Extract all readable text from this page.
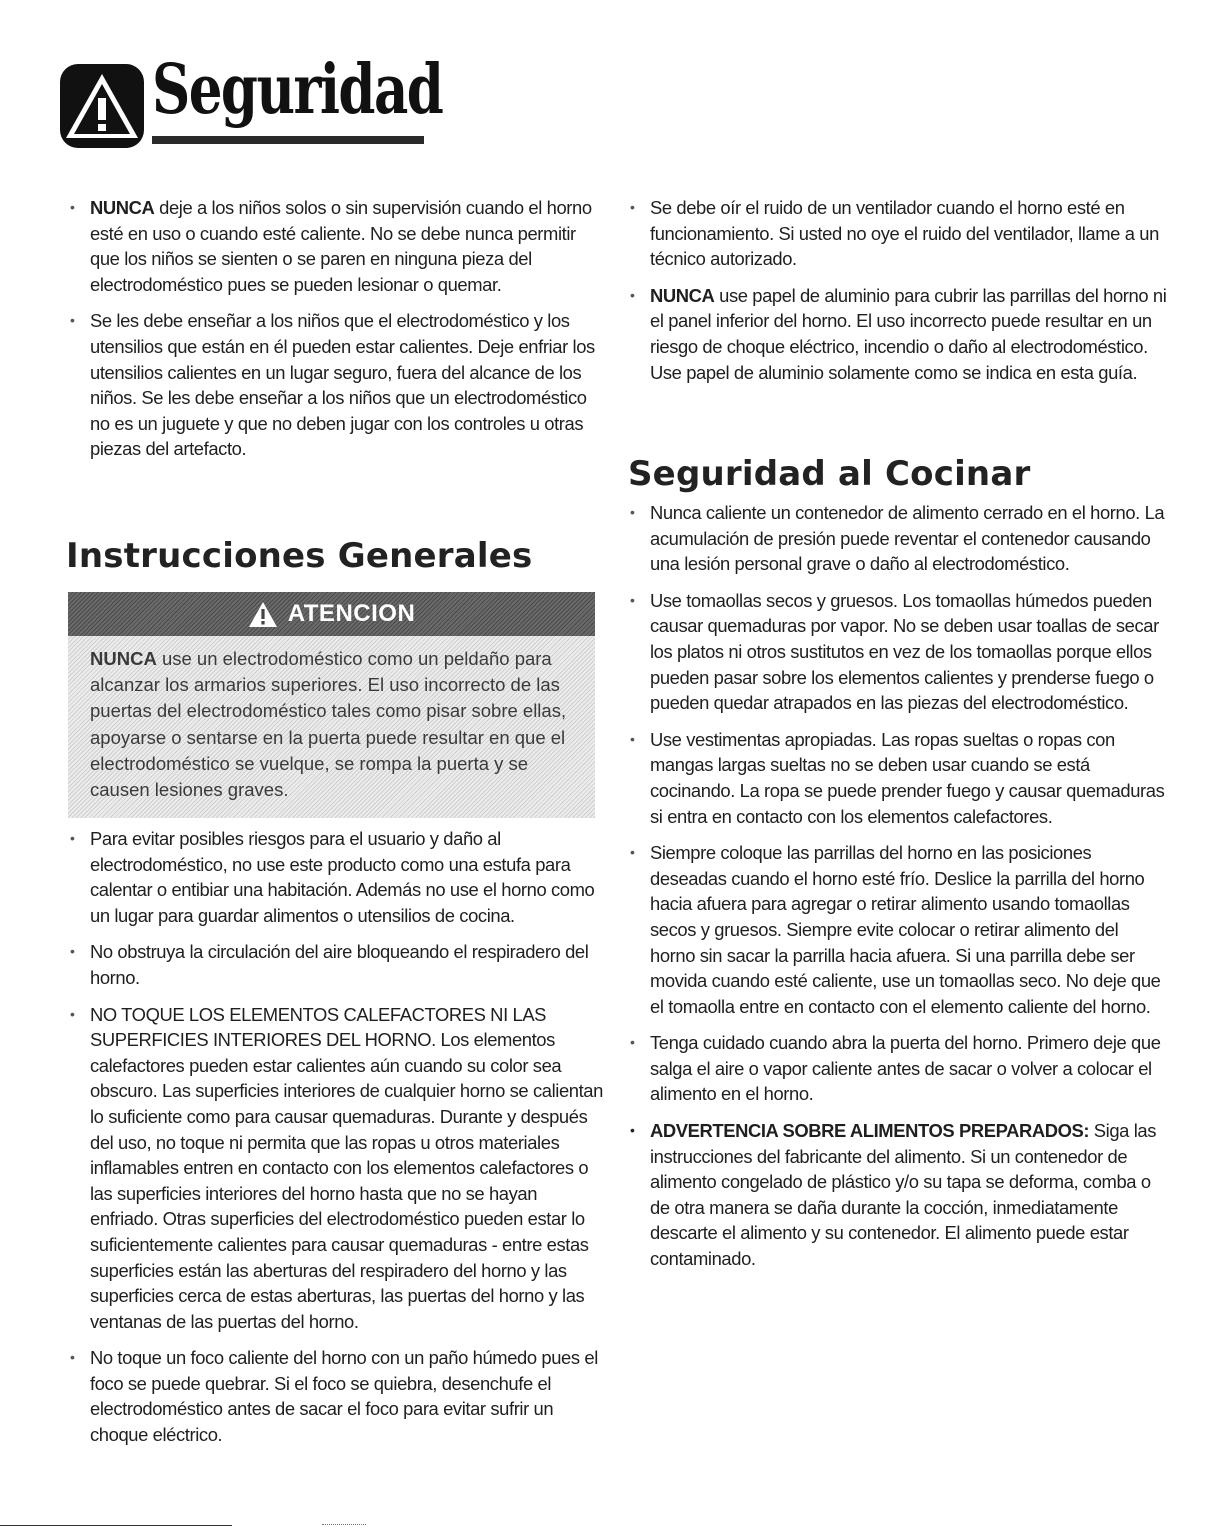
Seguridad
• NUNCA deje a los niños solos o sin supervisión cuando el horno esté en uso o cuando esté caliente. No se debe nunca permitir que los niños se sienten o se paren en ninguna pieza del electrodoméstico pues se pueden lesionar o quemar.
• Se les debe enseñar a los niños que el electrodoméstico y los utensilios que están en él pueden estar calientes. Deje enfriar los utensilios calientes en un lugar seguro, fuera del alcance de los niños. Se les debe enseñar a los niños que un electrodoméstico no es un juguete y que no deben jugar con los controles u otras piezas del artefacto.
Instrucciones Generales
ATENCION
NUNCA use un electrodoméstico como un peldaño para alcanzar los armarios superiores. El uso incorrecto de las puertas del electrodoméstico tales como pisar sobre ellas, apoyarse o sentarse en la puerta puede resultar en que el electrodoméstico se vuelque, se rompa la puerta y se causen lesiones graves.
• Para evitar posibles riesgos para el usuario y daño al electrodoméstico, no use este producto como una estufa para calentar o entibiar una habitación. Además no use el horno como un lugar para guardar alimentos o utensilios de cocina.
• No obstruya la circulación del aire bloqueando el respiradero del horno.
• NO TOQUE LOS ELEMENTOS CALEFACTORES NI LAS SUPERFICIES INTERIORES DEL HORNO. Los elementos calefactores pueden estar calientes aún cuando su color sea obscuro. Las superficies interiores de cualquier horno se calientan lo suficiente como para causar quemaduras. Durante y después del uso, no toque ni permita que las ropas u otros materiales inflamables entren en contacto con los elementos calefactores o las superficies interiores del horno hasta que no se hayan enfriado. Otras superficies del electrodoméstico pueden estar lo suficientemente calientes para causar quemaduras - entre estas superficies están las aberturas del respiradero del horno y las superficies cerca de estas aberturas, las puertas del horno y las ventanas de las puertas del horno.
• No toque un foco caliente del horno con un paño húmedo pues el foco se puede quebrar. Si el foco se quiebra, desenchufe el electrodoméstico antes de sacar el foco para evitar sufrir un choque eléctrico.
• Se debe oír el ruido de un ventilador cuando el horno esté en funcionamiento. Si usted no oye el ruido del ventilador, llame a un técnico autorizado.
• NUNCA use papel de aluminio para cubrir las parrillas del horno ni el panel inferior del horno. El uso incorrecto puede resultar en un riesgo de choque eléctrico, incendio o daño al electrodoméstico. Use papel de aluminio solamente como se indica en esta guía.
Seguridad al Cocinar
• Nunca caliente un contenedor de alimento cerrado en el horno. La acumulación de presión puede reventar el contenedor causando una lesión personal grave o daño al electrodoméstico.
• Use tomaollas secos y gruesos. Los tomaollas húmedos pueden causar quemaduras por vapor. No se deben usar toallas de secar los platos ni otros sustitutos en vez de los tomaollas porque ellos pueden pasar sobre los elementos calientes y prenderse fuego o pueden quedar atrapados en las piezas del electrodoméstico.
• Use vestimentas apropiadas. Las ropas sueltas o ropas con mangas largas sueltas no se deben usar cuando se está cocinando. La ropa se puede prender fuego y causar quemaduras si entra en contacto con los elementos calefactores.
• Siempre coloque las parrillas del horno en las posiciones deseadas cuando el horno esté frío. Deslice la parrilla del horno hacia afuera para agregar o retirar alimento usando tomaollas secos y gruesos. Siempre evite colocar o retirar alimento del horno sin sacar la parrilla hacia afuera. Si una parrilla debe ser movida cuando esté caliente, use un tomaollas seco. No deje que el tomaolla entre en contacto con el elemento caliente del horno.
• Tenga cuidado cuando abra la puerta del horno. Primero deje que salga el aire o vapor caliente antes de sacar o volver a colocar el alimento en el horno.
• ADVERTENCIA SOBRE ALIMENTOS PREPARADOS: Siga las instrucciones del fabricante del alimento. Si un contenedor de alimento congelado de plástico y/o su tapa se deforma, comba o de otra manera se daña durante la cocción, inmediatamente descarte el alimento y su contenedor. El alimento puede estar contaminado.
